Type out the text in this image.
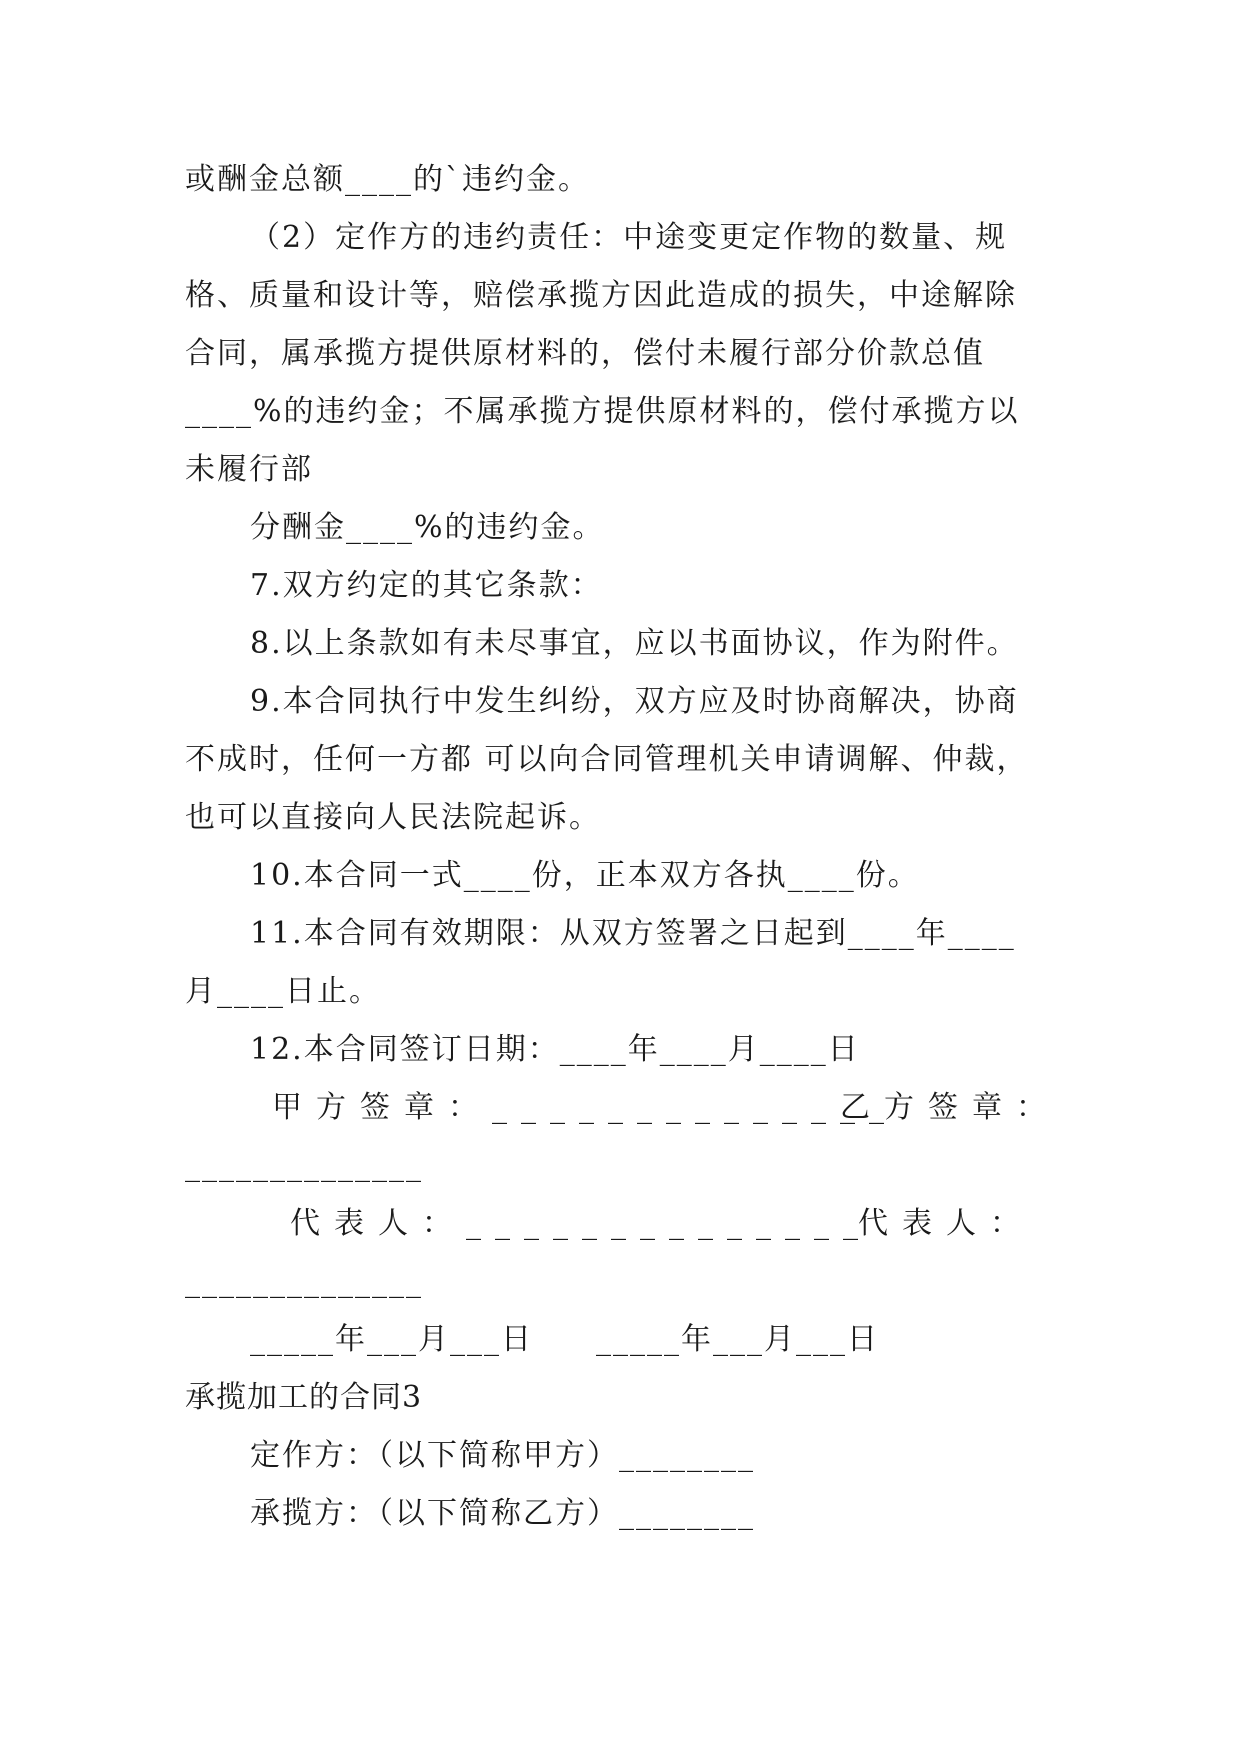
或酬金总额____的`违约金。
（2）定作方的违约责任：中途变更定作物的数量、规
格、质量和设计等，赔偿承揽方因此造成的损失，中途解除
合同，属承揽方提供原材料的，偿付未履行部分价款总值
____%的违约金；不属承揽方提供原材料的，偿付承揽方以
未履行部
分酬金____%的违约金。
7.双方约定的其它条款：
8.以上条款如有未尽事宜，应以书面协议，作为附件。
9.本合同执行中发生纠纷，双方应及时协商解决，协商
不成时，任何一方都 可以向合同管理机关申请调解、仲裁，
也可以直接向人民法院起诉。
10.本合同一式____份，正本双方各执____份。
11.本合同有效期限：从双方签署之日起到____年____
月____日止。
12.本合同签订日期：____年____月____日
甲方签章：______________
乙方签章：
______________
代表人：______________
代表人：
______________
_____年___月___日 _____年___月___日
承揽加工的合同3
定作方：（以下简称甲方）________
承揽方：（以下简称乙方）________
